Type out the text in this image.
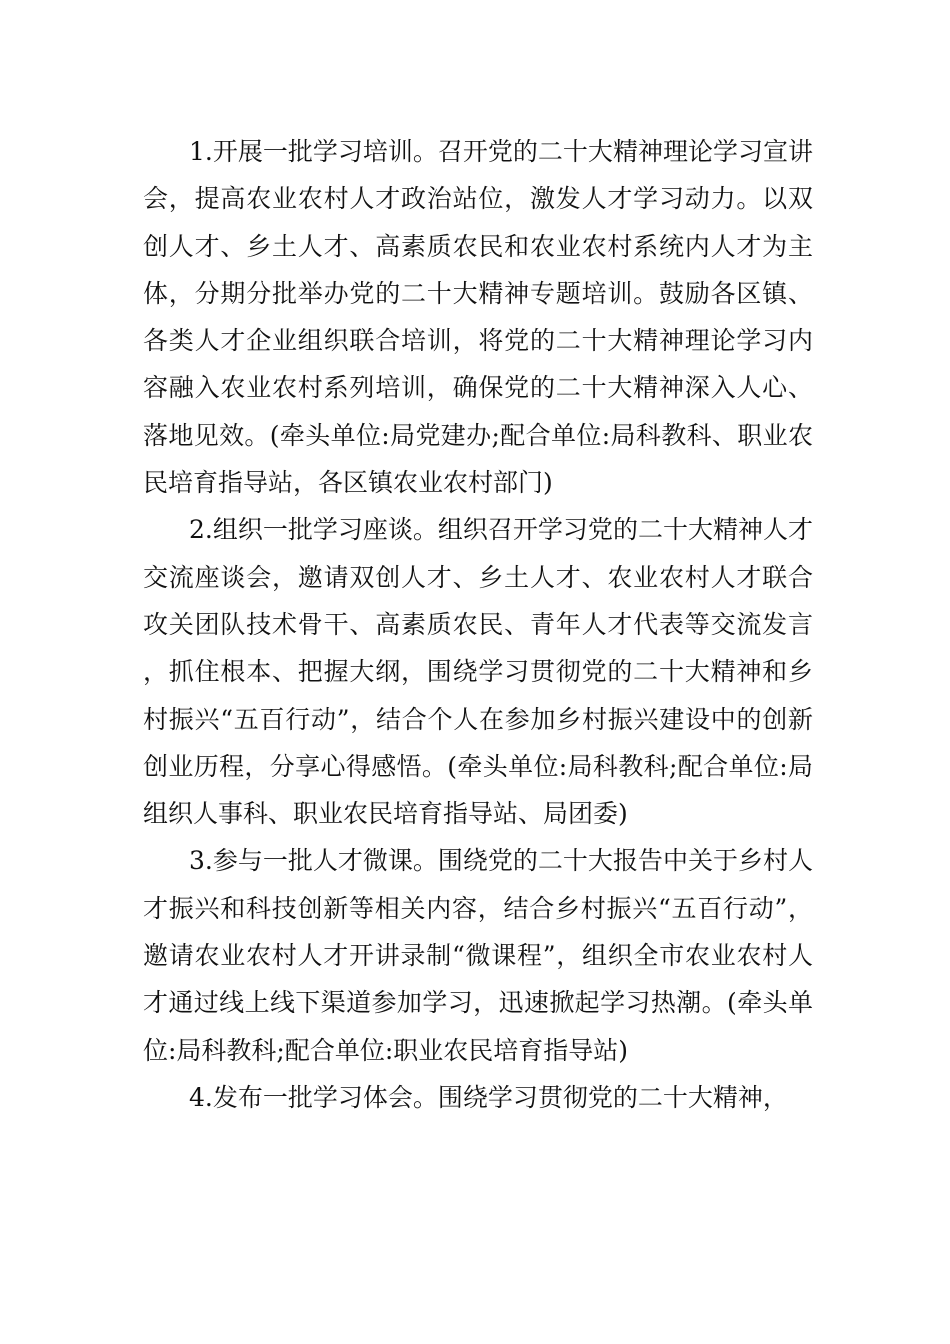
1.开展一批学习培训。召开党的二十大精神理论学习宣讲会，提高农业农村人才政治站位，激发人才学习动力。以双创人才、乡土人才、高素质农民和农业农村系统内人才为主体，分期分批举办党的二十大精神专题培训。鼓励各区镇、各类人才企业组织联合培训，将党的二十大精神理论学习内容融入农业农村系列培训，确保党的二十大精神深入人心、落地见效。(牵头单位:局党建办;配合单位:局科教科、职业农民培育指导站，各区镇农业农村部门)

2.组织一批学习座谈。组织召开学习党的二十大精神人才交流座谈会，邀请双创人才、乡土人才、农业农村人才联合攻关团队技术骨干、高素质农民、青年人才代表等交流发言，抓住根本、把握大纲，围绕学习贯彻党的二十大精神和乡村振兴“五百行动”，结合个人在参加乡村振兴建设中的创新创业历程，分享心得感悟。(牵头单位:局科教科;配合单位:局组织人事科、职业农民培育指导站、局团委)

3.参与一批人才微课。围绕党的二十大报告中关于乡村人才振兴和科技创新等相关内容，结合乡村振兴“五百行动”，邀请农业农村人才开讲录制“微课程”，组织全市农业农村人才通过线上线下渠道参加学习，迅速掀起学习热潮。(牵头单位:局科教科;配合单位:职业农民培育指导站)

4.发布一批学习体会。围绕学习贯彻党的二十大精神，
